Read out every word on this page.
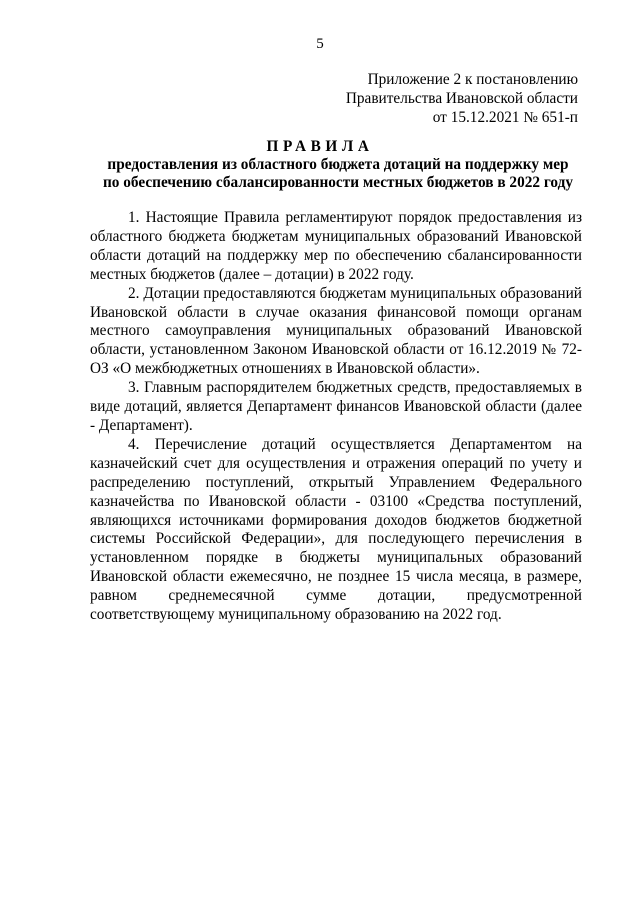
5
Приложение 2 к постановлению
Правительства Ивановской области
от 15.12.2021 № 651-п
ПРАВИЛА
предоставления из областного бюджета дотаций на поддержку мер
по обеспечению сбалансированности местных бюджетов в 2022 году

1. Настоящие Правила регламентируют порядок предоставления из областного бюджета бюджетам муниципальных образований Ивановской области дотаций на поддержку мер по обеспечению сбалансированности местных бюджетов (далее – дотации) в 2022 году.

2. Дотации предоставляются бюджетам муниципальных образований Ивановской области в случае оказания финансовой помощи органам местного самоуправления муниципальных образований Ивановской области, установленном Законом Ивановской области от 16.12.2019 № 72-ОЗ «О межбюджетных отношениях в Ивановской области».

3. Главным распорядителем бюджетных средств, предоставляемых в виде дотаций, является Департамент финансов Ивановской области (далее - Департамент).

4. Перечисление дотаций осуществляется Департаментом на казначейский счет для осуществления и отражения операций по учету и распределению поступлений, открытый Управлением Федерального казначейства по Ивановской области - 03100 «Средства поступлений, являющихся источниками формирования доходов бюджетов бюджетной системы Российской Федерации», для последующего перечисления в установленном порядке в бюджеты муниципальных образований Ивановской области ежемесячно, не позднее 15 числа месяца, в размере, равном среднемесячной сумме дотации, предусмотренной соответствующему муниципальному образованию на 2022 год.
